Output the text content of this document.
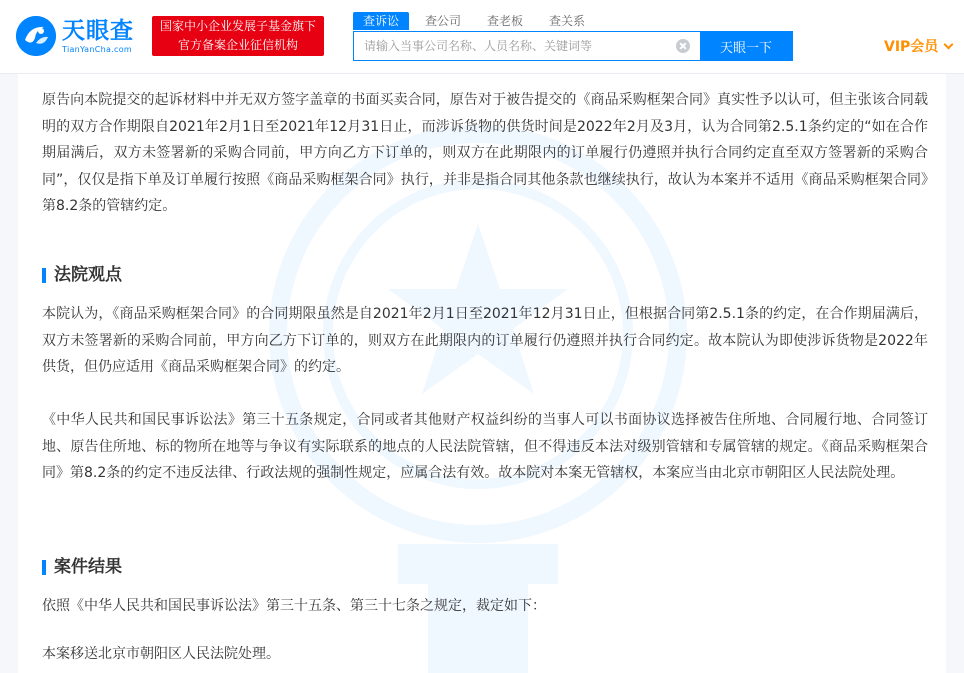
天眼查
TianYanCha.com
国家中小企业发展子基金旗下
官方备案企业征信机构
查诉讼	查公司	查老板	查关系
请输入当事公司名称、人员名称、关键词等
天眼一下	VIP会员

原告向本院提交的起诉材料中并无双方签字盖章的书面买卖合同，原告对于被告提交的《商品采购框架合同》真实性予以认可，但主张该合同载明的双方合作期限自2021年2月1日至2021年12月31日止，而涉诉货物的供货时间是2022年2月及3月，认为合同第2.5.1条约定的“如在合作期届满后，双方未签署新的采购合同前，甲方向乙方下订单的，则双方在此期限内的订单履行仍遵照并执行合同约定直至双方签署新的采购合同”，仅仅是指下单及订单履行按照《商品采购框架合同》执行，并非是指合同其他条款也继续执行，故认为本案并不适用《商品采购框架合同》第8.2条的管辖约定。

法院观点

本院认为，《商品采购框架合同》的合同期限虽然是自2021年2月1日至2021年12月31日止，但根据合同第2.5.1条的约定，在合作期届满后，双方未签署新的采购合同前，甲方向乙方下订单的，则双方在此期限内的订单履行仍遵照并执行合同约定。故本院认为即使涉诉货物是2022年供货，但仍应适用《商品采购框架合同》的约定。

《中华人民共和国民事诉讼法》第三十五条规定，合同或者其他财产权益纠纷的当事人可以书面协议选择被告住所地、合同履行地、合同签订地、原告住所地、标的物所在地等与争议有实际联系的地点的人民法院管辖，但不得违反本法对级别管辖和专属管辖的规定。《商品采购框架合同》第8.2条的约定不违反法律、行政法规的强制性规定，应属合法有效。故本院对本案无管辖权，本案应当由北京市朝阳区人民法院处理。

案件结果

依照《中华人民共和国民事诉讼法》第三十五条、第三十七条之规定，裁定如下：

本案移送北京市朝阳区人民法院处理。
